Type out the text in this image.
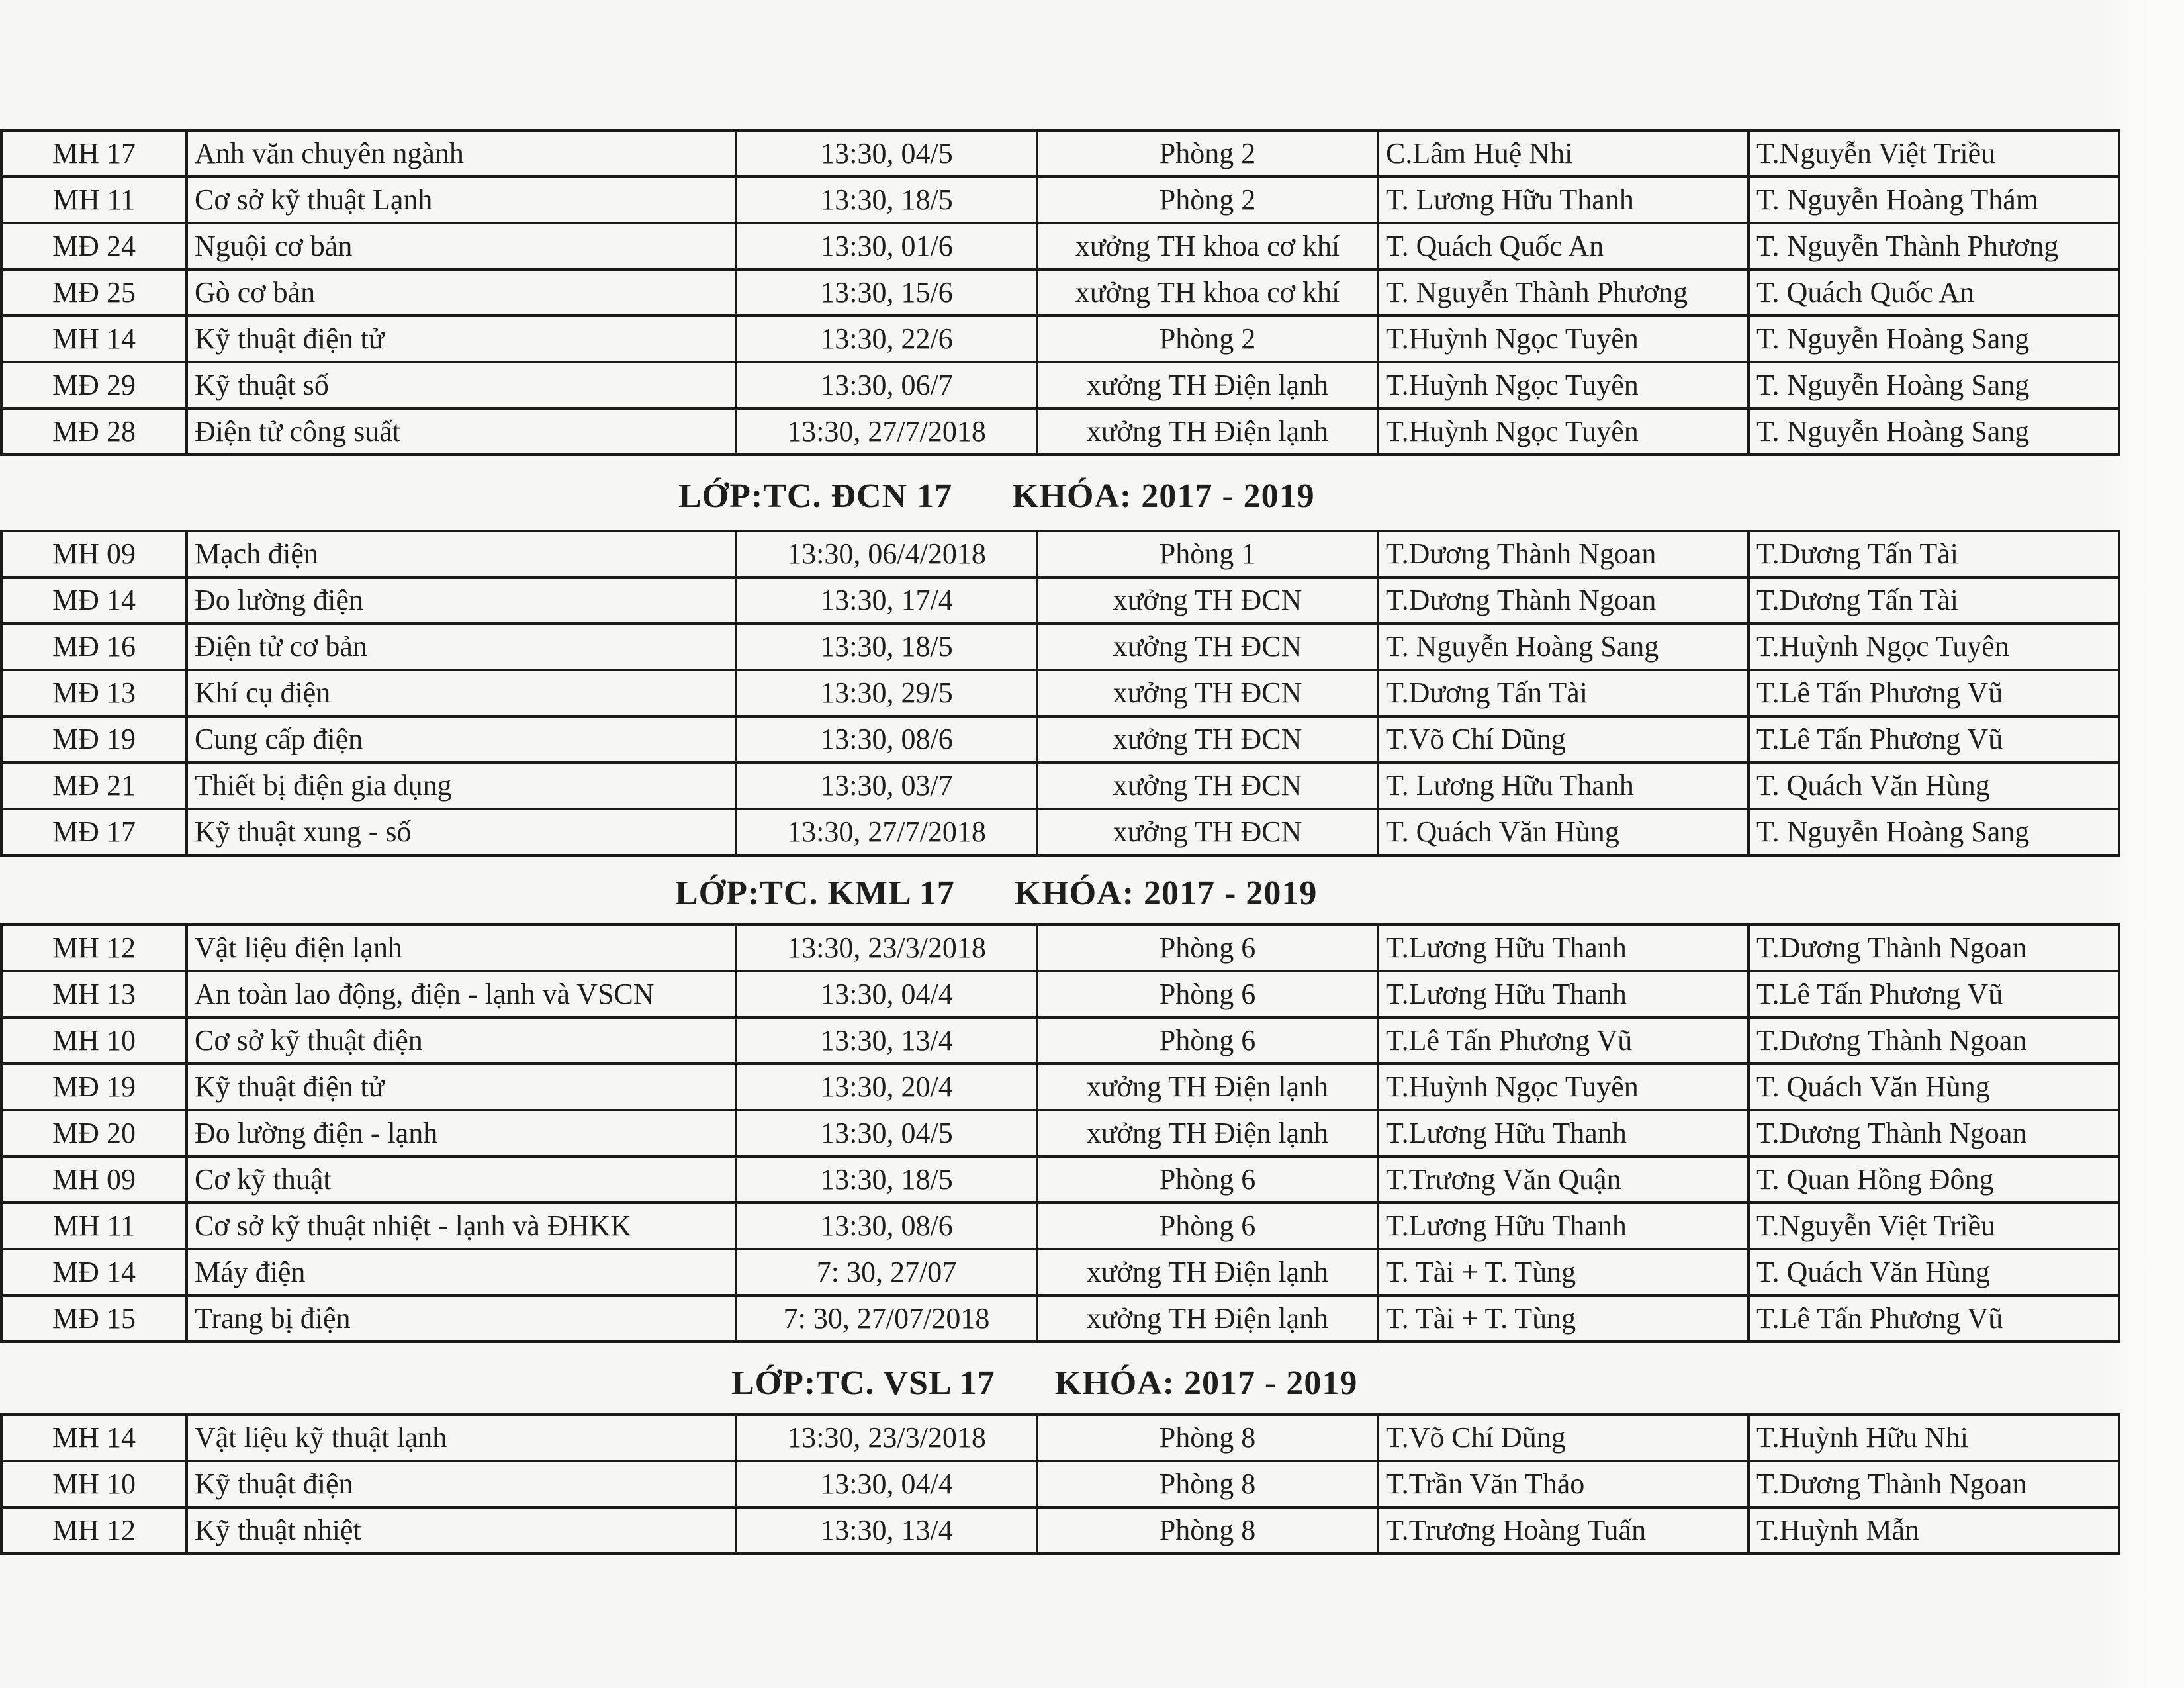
MH 17	Anh văn chuyên ngành	13:30, 04/5	Phòng 2	C.Lâm Huệ Nhi	T.Nguyễn Việt Triều
MH 11	Cơ sở kỹ thuật Lạnh	13:30, 18/5	Phòng 2	T. Lương Hữu Thanh	T. Nguyễn Hoàng Thám
MĐ 24	Nguội cơ bản	13:30, 01/6	xưởng TH khoa cơ khí	T. Quách Quốc An	T. Nguyễn Thành Phương
MĐ 25	Gò cơ bản	13:30, 15/6	xưởng TH khoa cơ khí	T. Nguyễn Thành Phương	T. Quách Quốc An
MH 14	Kỹ thuật điện tử	13:30, 22/6	Phòng 2	T.Huỳnh Ngọc Tuyên	T. Nguyễn Hoàng Sang
MĐ 29	Kỹ thuật số	13:30, 06/7	xưởng TH Điện lạnh	T.Huỳnh Ngọc Tuyên	T. Nguyễn Hoàng Sang
MĐ 28	Điện tử công suất	13:30, 27/7/2018	xưởng TH Điện lạnh	T.Huỳnh Ngọc Tuyên	T. Nguyễn Hoàng Sang
LỚP:TC. ĐCN 17 KHÓA: 2017 - 2019
MH 09	Mạch điện	13:30, 06/4/2018	Phòng 1	T.Dương Thành Ngoan	T.Dương Tấn Tài
MĐ 14	Đo lường điện	13:30, 17/4	xưởng TH ĐCN	T.Dương Thành Ngoan	T.Dương Tấn Tài
MĐ 16	Điện tử cơ bản	13:30, 18/5	xưởng TH ĐCN	T. Nguyễn Hoàng Sang	T.Huỳnh Ngọc Tuyên
MĐ 13	Khí cụ điện	13:30, 29/5	xưởng TH ĐCN	T.Dương Tấn Tài	T.Lê Tấn Phương Vũ
MĐ 19	Cung cấp điện	13:30, 08/6	xưởng TH ĐCN	T.Võ Chí Dũng	T.Lê Tấn Phương Vũ
MĐ 21	Thiết bị điện gia dụng	13:30, 03/7	xưởng TH ĐCN	T. Lương Hữu Thanh	T. Quách Văn Hùng
MĐ 17	Kỹ thuật xung - số	13:30, 27/7/2018	xưởng TH ĐCN	T. Quách Văn Hùng	T. Nguyễn Hoàng Sang
LỚP:TC. KML 17 KHÓA: 2017 - 2019
MH 12	Vật liệu điện lạnh	13:30, 23/3/2018	Phòng 6	T.Lương Hữu Thanh	T.Dương Thành Ngoan
MH 13	An toàn lao động, điện - lạnh và VSCN	13:30, 04/4	Phòng 6	T.Lương Hữu Thanh	T.Lê Tấn Phương Vũ
MH 10	Cơ sở kỹ thuật điện	13:30, 13/4	Phòng 6	T.Lê Tấn Phương Vũ	T.Dương Thành Ngoan
MĐ 19	Kỹ thuật điện tử	13:30, 20/4	xưởng TH Điện lạnh	T.Huỳnh Ngọc Tuyên	T. Quách Văn Hùng
MĐ 20	Đo lường điện - lạnh	13:30, 04/5	xưởng TH Điện lạnh	T.Lương Hữu Thanh	T.Dương Thành Ngoan
MH 09	Cơ kỹ thuật	13:30, 18/5	Phòng 6	T.Trương Văn Quận	T. Quan Hồng Đông
MH 11	Cơ sở kỹ thuật nhiệt - lạnh và ĐHKK	13:30, 08/6	Phòng 6	T.Lương Hữu Thanh	T.Nguyễn Việt Triều
MĐ 14	Máy điện	7: 30, 27/07	xưởng TH Điện lạnh	T. Tài + T. Tùng	T. Quách Văn Hùng
MĐ 15	Trang bị điện	7: 30, 27/07/2018	xưởng TH Điện lạnh	T. Tài + T. Tùng	T.Lê Tấn Phương Vũ
LỚP:TC. VSL 17 KHÓA: 2017 - 2019
MH 14	Vật liệu kỹ thuật lạnh	13:30, 23/3/2018	Phòng 8	T.Võ Chí Dũng	T.Huỳnh Hữu Nhi
MH 10	Kỹ thuật điện	13:30, 04/4	Phòng 8	T.Trần Văn Thảo	T.Dương Thành Ngoan
MH 12	Kỹ thuật nhiệt	13:30, 13/4	Phòng 8	T.Trương Hoàng Tuấn	T.Huỳnh Mẫn
